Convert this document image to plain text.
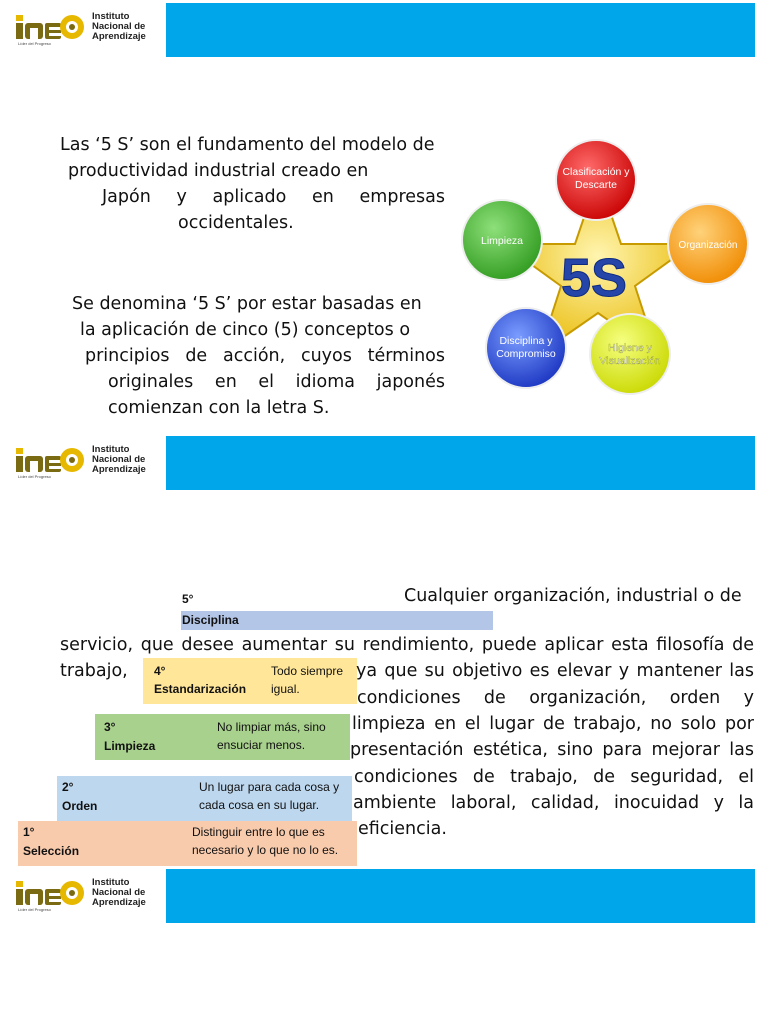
Instituto
Nacional de
Aprendizaje
Líder del Progreso
Las ‘5 S’ son el fundamento del modelo de
productividad industrial creado en
Japón y aplicado en empresas
occidentales.
Se denomina ‘5 S’ por estar basadas en
la aplicación de cinco (5) conceptos o
principios de acción, cuyos términos
originales en el idioma japonés
comienzan con la letra S.
5S
Clasificación y
Descarte
Organización
Higiene y
Visualización
Disciplina y
Compromiso
Limpieza
Instituto
Nacional de
Aprendizaje
Líder del Progreso
5°
Disciplina
4°
Estandarización
Todo siempre
igual.
3°
Limpieza
No limpiar más, sino
ensuciar menos.
2°
Orden
Un lugar para cada cosa y
cada cosa en su lugar.
1°
Selección
Distinguir entre lo que es
necesario y lo que no lo es.
Cualquier organización, industrial o de
servicio, que desee aumentar su rendimiento, puede aplicar esta filosofía de
trabajo,	ya que su objetivo es elevar y mantener las
condiciones de organización, orden y
limpieza en el lugar de trabajo, no solo por
presentación estética, sino para mejorar las
condiciones de trabajo, de seguridad, el
ambiente laboral, calidad, inocuidad y la
eficiencia.
Instituto
Nacional de
Aprendizaje
Líder del Progreso
